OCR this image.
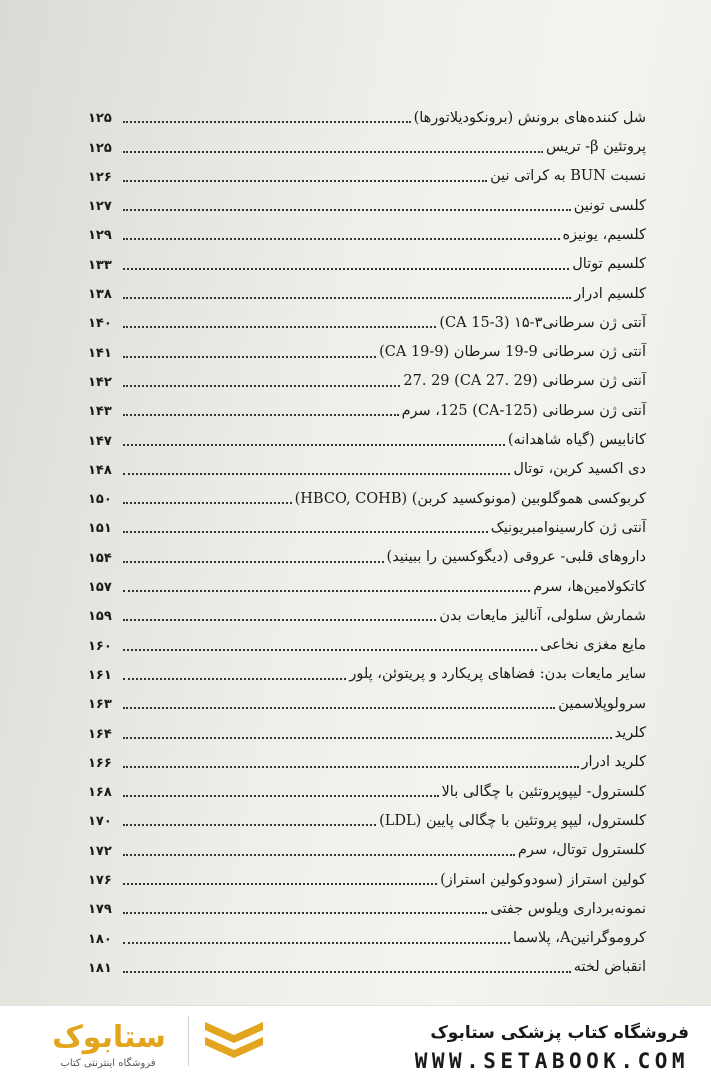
شل کننده‌های برونش (برونکودیلاتورها)
۱۲۵
پروتئین β- تریس
۱۲۵
نسبت BUN به کراتی نین
۱۲۶
کلسی تونین
۱۲۷
کلسیم، یونیزه
۱۲۹
کلسیم توتال
۱۳۳
کلسیم ادرار
۱۳۸
آنتی ژن سرطانی۳-۱۵ (CA 15-3)
۱۴۰
آنتی ژن سرطانی 9-19 سرطان (CA 19-9)
۱۴۱
آنتی ژن سرطانی (CA 27. 29) 27. 29
۱۴۲
آنتی ژن سرطانی (CA-125) 125، سرم
۱۴۳
کانابیس (گیاه شاهدانه)
۱۴۷
دی اکسید کربن، توتال
۱۴۸
کربوکسی هموگلوبین (مونوکسید کربن) (HBCO, COHB)
۱۵۰
آنتی ژن کارسینوامبریونیک
۱۵۱
داروهای قلبی- عروقی (دیگوکسین را ببینید)
۱۵۴
کاتکولامین‌ها، سرم
۱۵۷
شمارش سلولی، آنالیز مایعات بدن
۱۵۹
مایع مغزی نخاعی
۱۶۰
سایر مایعات بدن: فضاهای پریکارد و پریتوئن، پلور
۱۶۱
سرولوپلاسمین
۱۶۳
کلرید
۱۶۴
کلرید ادرار
۱۶۶
کلسترول- لیپوپروتئین با چگالی بالا
۱۶۸
کلسترول، لیپو پروتئین با چگالی پایین (LDL)
۱۷۰
کلسترول توتال، سرم
۱۷۲
کولین استراز (سودوکولین استراز)
۱۷۶
نمونه‌برداری ویلوس جفتی
۱۷۹
کروموگرانینA، پلاسما
۱۸۰
انقباض لخته
۱۸۱
فروشگاه کتاب پزشکی ستابوک
WWW.SETABOOK.COM
ستابوک
فروشگاه اینترنتی کتاب
